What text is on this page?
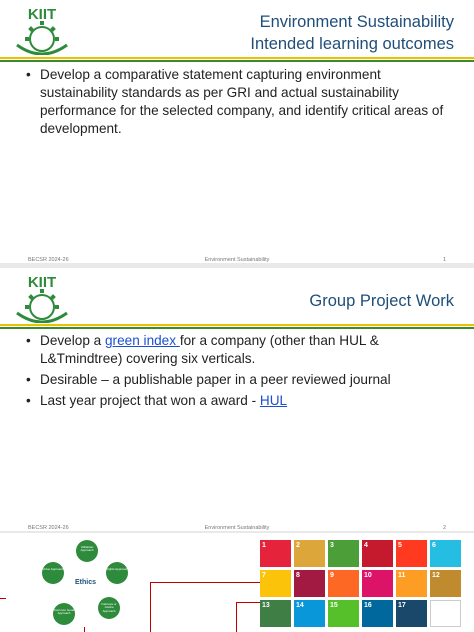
KIIT	Environment Sustainability
Intended learning outcomes
• Develop a comparative statement capturing environment sustainability standards as per GRI and actual sustainability performance for the selected company, and identify critical areas of development.
BECSR 2024-26	Environment Sustainability	1
KIIT
Group Project Work
• Develop a green index for a company (other than HUL & L&Tmindtree) covering six verticals.
• Desirable – a publishable paper in a peer reviewed journal
• Last year project that won a award - HUL
BECSR 2024-26	Environment Sustainability	2
Utilitarian Approach
Rights Approach
Fairness or Justice Approach
Common Good Approach
Virtue Approach
Ethics
1	2	3	4	5	6
7	8	9	10	11	12
13	14	15	16	17
